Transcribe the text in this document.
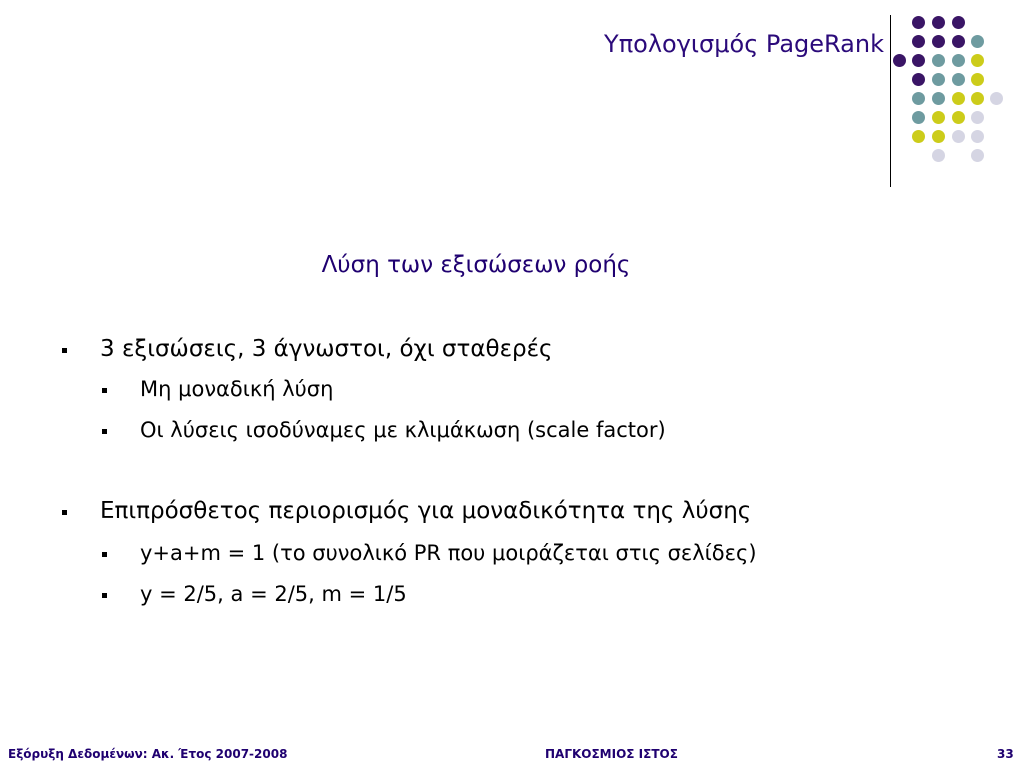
Υπολογισμός PageRank
Λύση των εξισώσεων ροής
3 εξισώσεις, 3 άγνωστοι, όχι σταθερές
Μη μοναδική λύση
Οι λύσεις ισοδύναμες με κλιμάκωση (scale factor)
Επιπρόσθετος περιορισμός για μοναδικότητα της λύσης
y+a+m = 1 (το συνολικό PR που μοιράζεται στις σελίδες)
y = 2/5, a = 2/5, m = 1/5
Εξόρυξη Δεδομένων: Ακ. Έτος 2007-2008	ΠΑΓΚΟΣΜΙΟΣ ΙΣΤΟΣ	33
